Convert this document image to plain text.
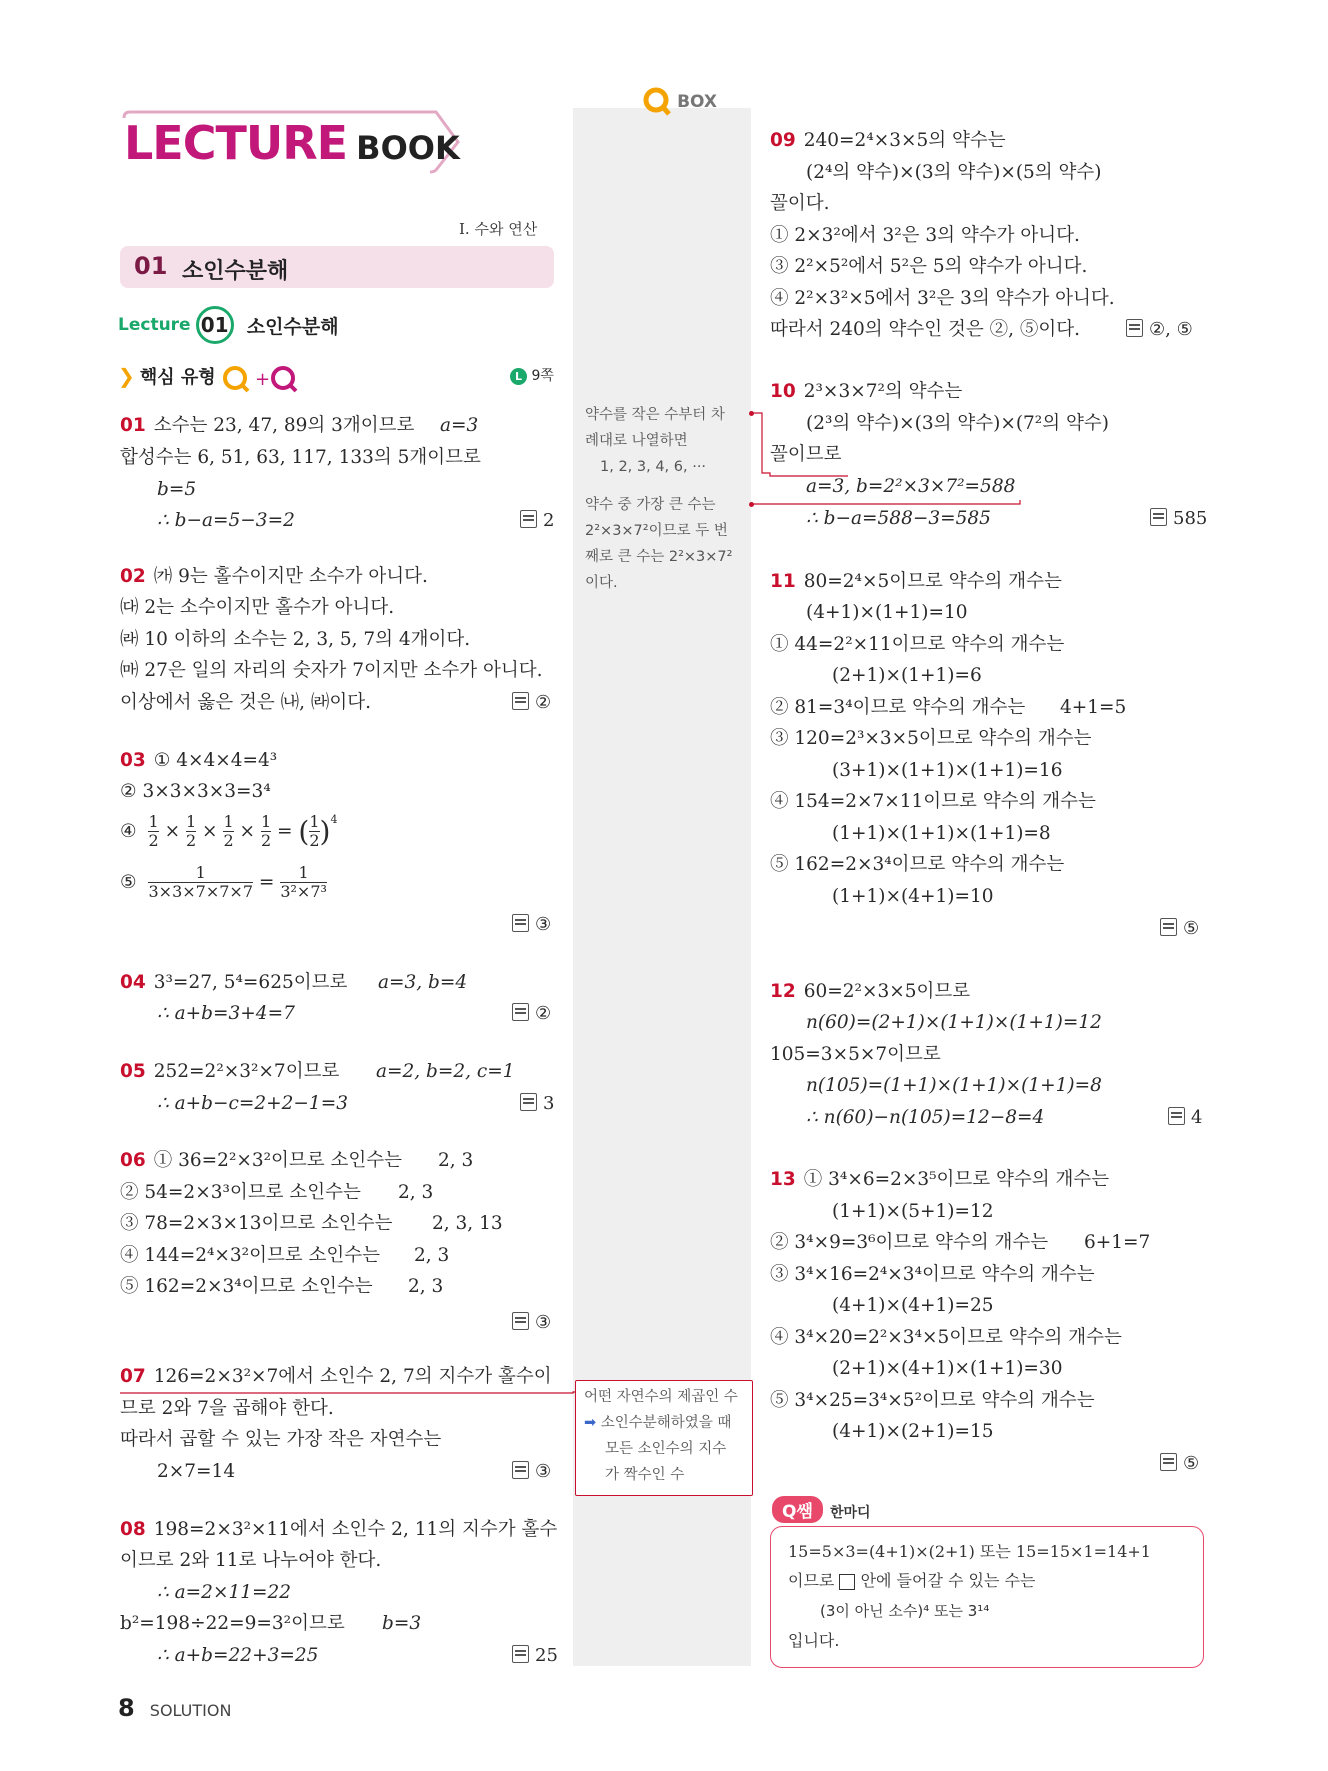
LECTURE BOOK
I. 수와 연산
01 소인수분해
Lecture 01 소인수분해
❯ 핵심 유형 +	L 9쪽
BOX
약수를 작은 수부터 차
례대로 나열하면
1, 2, 3, 4, 6, ···
약수 중 가장 큰 수는
2²×3×7²이므로 두 번
째로 큰 수는 2²×3×7²
이다.
어떤 자연수의 제곱인 수
➡ 소인수분해하였을 때
모든 소인수의 지수
가 짝수인 수
01 소수는 23, 47, 89의 3개이므로 a=3
합성수는 6, 51, 63, 117, 133의 5개이므로
b=5
∴ b−a=5−3=2	2
02 ㈎ 9는 홀수이지만 소수가 아니다.
㈐ 2는 소수이지만 홀수가 아니다.
㈑ 10 이하의 소수는 2, 3, 5, 7의 4개이다.
㈒ 27은 일의 자리의 숫자가 7이지만 소수가 아니다.
이상에서 옳은 것은 ㈏, ㈑이다.	②
03 ① 4×4×4=4³
② 3×3×3×3=3⁴
④ $\frac{1}{2} \times \frac{1}{2} \times \frac{1}{2} \times \frac{1}{2}$ = ( $\frac{1}{2} )^4$
⑤ $\frac{1}{3\times 3\times 7\times 7\times 7} = \frac{1}{\text{3²×7³}}$
③
04 3³=27, 5⁴=625이므로 a=3, b=4
∴ a+b=3+4=7	②
05 252=2²×3²×7이므로 a=2, b=2, c=1
∴ a+b−c=2+2−1=3	3
06 ① 36=2²×3²이므로 소인수는 2, 3
② 54=2×3³이므로 소인수는 2, 3
③ 78=2×3×13이므로 소인수는 2, 3, 13
④ 144=2⁴×3²이므로 소인수는 2, 3
⑤ 162=2×3⁴이므로 소인수는 2, 3
③
07 126=2×3²×7에서 소인수 2, 7의 지수가 홀수이
므로 2와 7을 곱해야 한다.
따라서 곱할 수 있는 가장 작은 자연수는
2×7=14	③
08 198=2×3²×11에서 소인수 2, 11의 지수가 홀수
이므로 2와 11로 나누어야 한다.
∴ a=2×11=22
b²=198÷22=9=3²이므로 b=3
∴ a+b=22+3=25	25
09 240=2⁴×3×5의 약수는
(2⁴의 약수)×(3의 약수)×(5의 약수)
꼴이다.
① 2×3²에서 3²은 3의 약수가 아니다.
③ 2²×5²에서 5²은 5의 약수가 아니다.
④ 2²×3²×5에서 3²은 3의 약수가 아니다.
따라서 240의 약수인 것은 ②, ⑤이다.	②, ⑤
10 2³×3×7²의 약수는
(2³의 약수)×(3의 약수)×(7²의 약수)
꼴이므로
a=3, b=2²×3×7²=588
∴ b−a=588−3=585	585
11 80=2⁴×5이므로 약수의 개수는
(4+1)×(1+1)=10
① 44=2²×11이므로 약수의 개수는
(2+1)×(1+1)=6
② 81=3⁴이므로 약수의 개수는 4+1=5
③ 120=2³×3×5이므로 약수의 개수는
(3+1)×(1+1)×(1+1)=16
④ 154=2×7×11이므로 약수의 개수는
(1+1)×(1+1)×(1+1)=8
⑤ 162=2×3⁴이므로 약수의 개수는
(1+1)×(4+1)=10
⑤
12 60=2²×3×5이므로
n(60)=(2+1)×(1+1)×(1+1)=12
105=3×5×7이므로
n(105)=(1+1)×(1+1)×(1+1)=8
∴ n(60)−n(105)=12−8=4	4
13 ① 3⁴×6=2×3⁵이므로 약수의 개수는
(1+1)×(5+1)=12
② 3⁴×9=3⁶이므로 약수의 개수는 6+1=7
③ 3⁴×16=2⁴×3⁴이므로 약수의 개수는
(4+1)×(4+1)=25
④ 3⁴×20=2²×3⁴×5이므로 약수의 개수는
(2+1)×(4+1)×(1+1)=30
⑤ 3⁴×25=3⁴×5²이므로 약수의 개수는
(4+1)×(2+1)=15
⑤
Q쌤 한마디
15=5×3=(4+1)×(2+1) 또는 15=15×1=14+1
이므로 안에 들어갈 수 있는 수는
(3이 아닌 소수)⁴ 또는 3¹⁴
입니다.
8 SOLUTION
